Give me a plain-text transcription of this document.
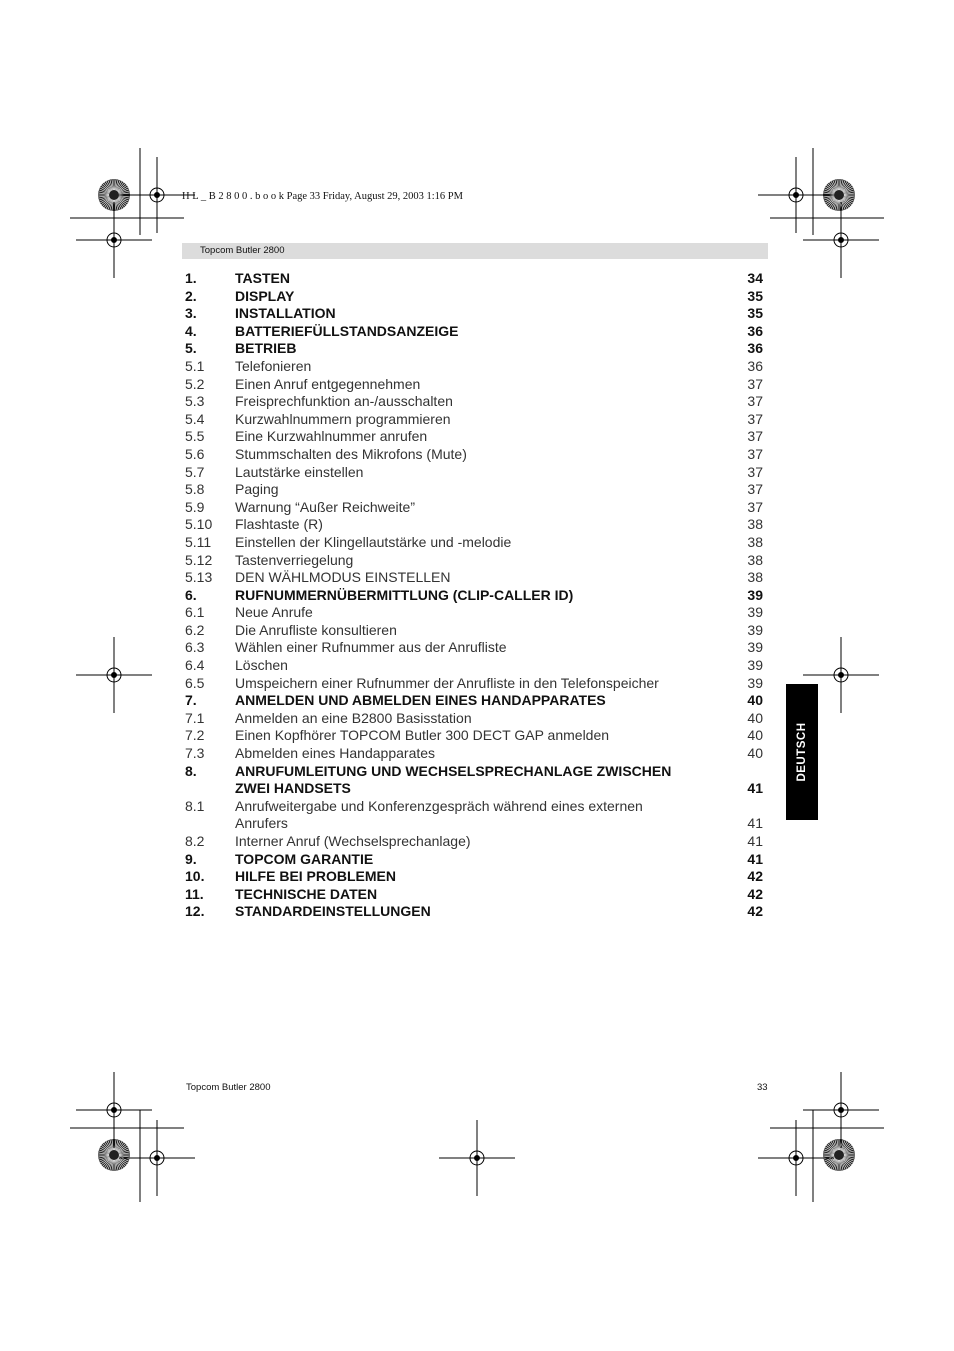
H L _ B 2 8 0 0 . b o o k Page 33 Friday, August 29, 2003 1:16 PM
Topcom Butler 2800
1.	TASTEN	34
2.	DISPLAY	35
3.	INSTALLATION	35
4.	BATTERIEFÜLLSTANDSANZEIGE	36
5.	BETRIEB	36
5.1 Telefonieren	36
5.2 Einen Anruf entgegennehmen	37
5.3 Freisprechfunktion an-/ausschalten	37
5.4 Kurzwahlnummern programmieren	37
5.5 Eine Kurzwahlnummer anrufen	37
5.6 Stummschalten des Mikrofons (Mute)	37
5.7 Lautstärke einstellen	37
5.8 Paging	37
5.9 Warnung “Außer Reichweite”	37
5.10 Flashtaste (R)	38
5.11 Einstellen der Klingellautstärke und -melodie	38
5.12 Tastenverriegelung	38
5.13 DEN WÄHLMODUS EINSTELLEN	38
6.	RUFNUMMERNÜBERMITTLUNG (CLIP-CALLER ID)	39
6.1 Neue Anrufe	39
6.2 Die Anrufliste konsultieren	39
6.3 Wählen einer Rufnummer aus der Anrufliste	39
6.4 Löschen	39
6.5 Umspeichern einer Rufnummer der Anrufliste in den Telefonspeicher	39
7.	ANMELDEN UND ABMELDEN EINES HANDAPPARATES	40
7.1 Anmelden an eine B2800 Basisstation	40
7.2 Einen Kopfhörer TOPCOM Butler 300 DECT GAP anmelden	40
7.3 Abmelden eines Handapparates	40
8.	ANRUFUMLEITUNG UND WECHSELSPRECHANLAGE ZWISCHEN
ZWEI HANDSETS	41
8.1 Anrufweitergabe und Konferenzgespräch während eines externen
Anrufers	41
8.2 Interner Anruf (Wechselsprechanlage)	41
9.	TOPCOM GARANTIE	41
10. HILFE BEI PROBLEMEN	42
11. TECHNISCHE DATEN	42
12. STANDARDEINSTELLUNGEN	42
DEUTSCH
Topcom Butler 2800	33
